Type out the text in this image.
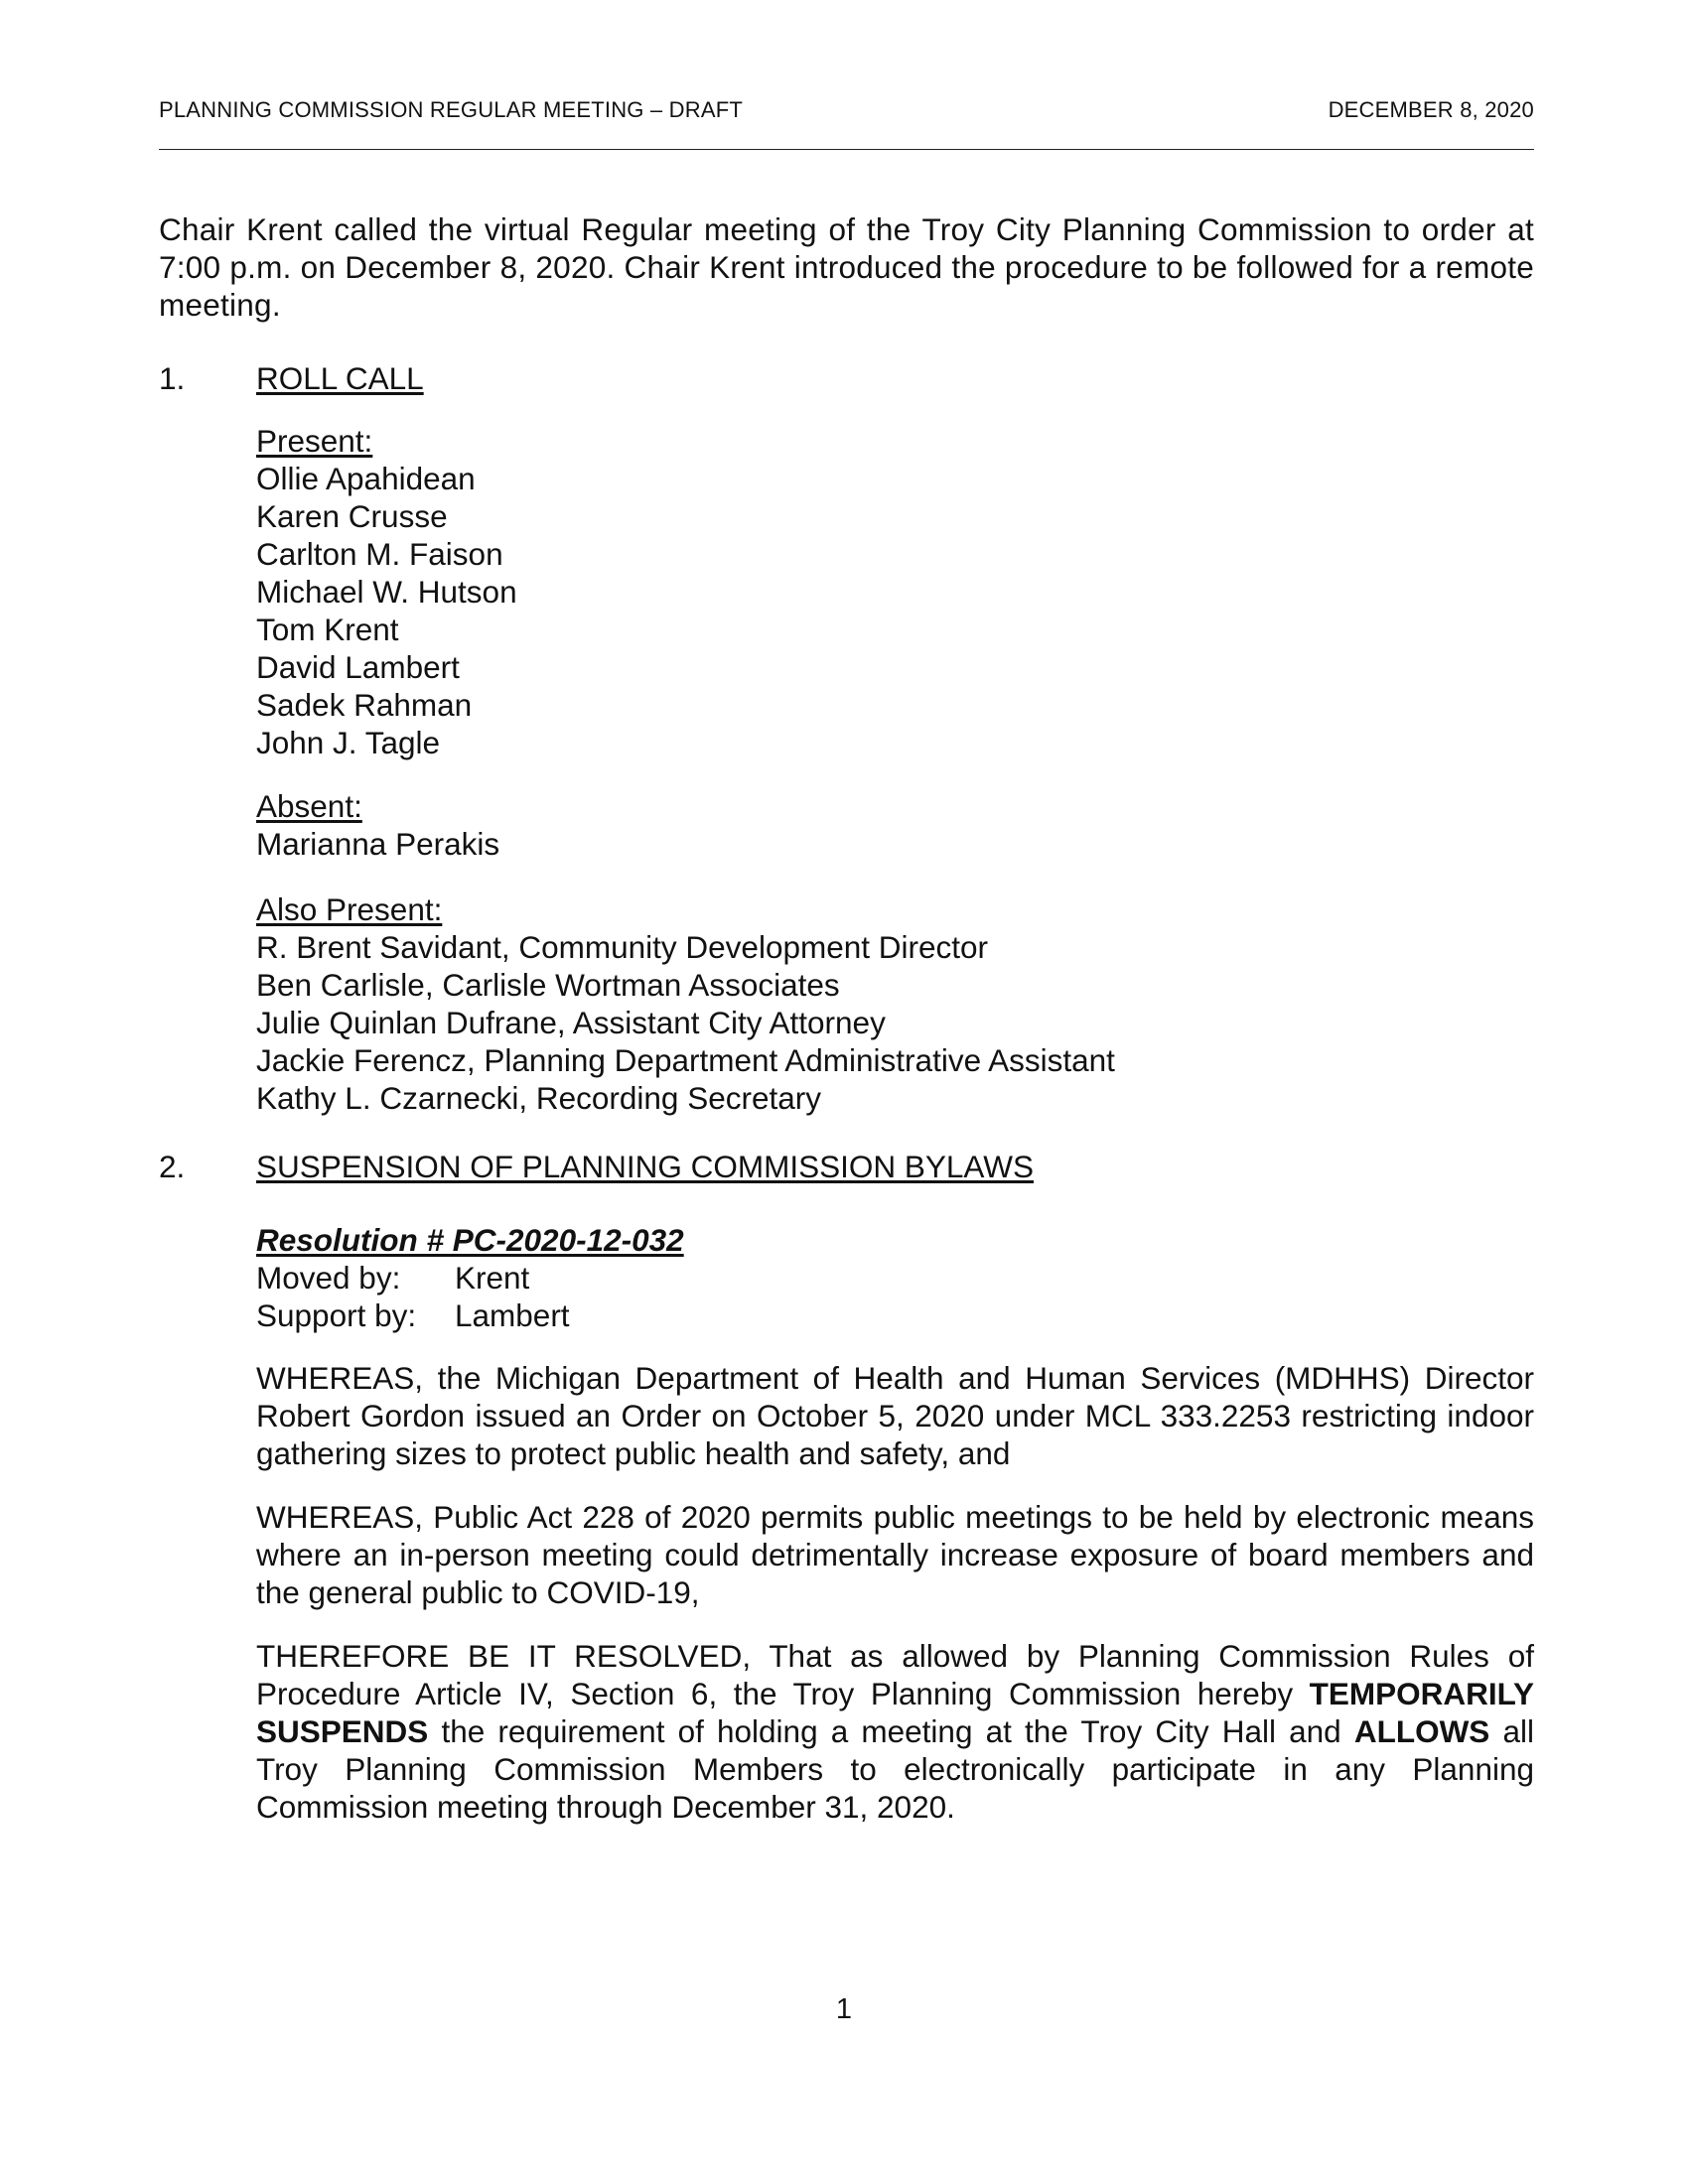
PLANNING COMMISSION REGULAR MEETING – DRAFT	DECEMBER 8, 2020
Chair Krent called the virtual Regular meeting of the Troy City Planning Commission to order at 7:00 p.m. on December 8, 2020. Chair Krent introduced the procedure to be followed for a remote meeting.
1. ROLL CALL
Present:
Ollie Apahidean
Karen Crusse
Carlton M. Faison
Michael W. Hutson
Tom Krent
David Lambert
Sadek Rahman
John J. Tagle
Absent:
Marianna Perakis
Also Present:
R. Brent Savidant, Community Development Director
Ben Carlisle, Carlisle Wortman Associates
Julie Quinlan Dufrane, Assistant City Attorney
Jackie Ferencz, Planning Department Administrative Assistant
Kathy L. Czarnecki, Recording Secretary
2. SUSPENSION OF PLANNING COMMISSION BYLAWS
Resolution # PC-2020-12-032
Moved by: Krent
Support by: Lambert
WHEREAS, the Michigan Department of Health and Human Services (MDHHS) Director Robert Gordon issued an Order on October 5, 2020 under MCL 333.2253 restricting indoor gathering sizes to protect public health and safety, and
WHEREAS, Public Act 228 of 2020 permits public meetings to be held by electronic means where an in-person meeting could detrimentally increase exposure of board members and the general public to COVID-19,
THEREFORE BE IT RESOLVED, That as allowed by Planning Commission Rules of Procedure Article IV, Section 6, the Troy Planning Commission hereby TEMPORARILY SUSPENDS the requirement of holding a meeting at the Troy City Hall and ALLOWS all Troy Planning Commission Members to electronically participate in any Planning Commission meeting through December 31, 2020.
1
